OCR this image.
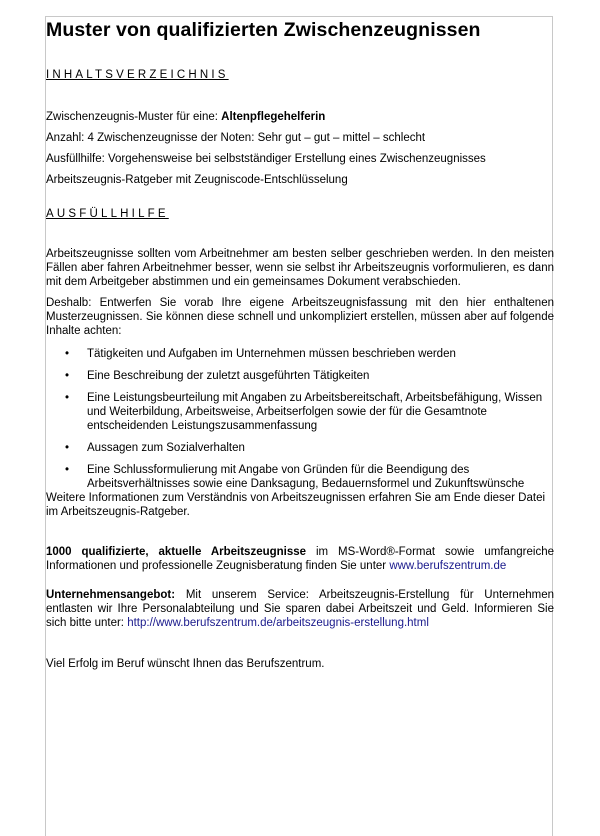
Muster von qualifizierten Zwischenzeugnissen

INHALTSVERZEICHNIS

Zwischenzeugnis-Muster für eine: Altenpflegehelferin

Anzahl: 4 Zwischenzeugnisse der Noten: Sehr gut – gut – mittel – schlecht

Ausfüllhilfe: Vorgehensweise bei selbstständiger Erstellung eines Zwischenzeugnisses

Arbeitszeugnis-Ratgeber mit Zeugniscode-Entschlüsselung

AUSFÜLLHILFE

Arbeitszeugnisse sollten vom Arbeitnehmer am besten selber geschrieben werden. In den meisten Fällen aber fahren Arbeitnehmer besser, wenn sie selbst ihr Arbeitszeugnis vorformulieren, es dann mit dem Arbeitgeber abstimmen und ein gemeinsames Dokument verabschieden.

Deshalb: Entwerfen Sie vorab Ihre eigene Arbeitszeugnisfassung mit den hier enthaltenen Musterzeugnissen. Sie können diese schnell und unkompliziert erstellen, müssen aber auf folgende Inhalte achten:

• Tätigkeiten und Aufgaben im Unternehmen müssen beschrieben werden
• Eine Beschreibung der zuletzt ausgeführten Tätigkeiten
• Eine Leistungsbeurteilung mit Angaben zu Arbeitsbereitschaft, Arbeitsbefähigung, Wissen und Weiterbildung, Arbeitsweise, Arbeitserfolgen sowie der für die Gesamtnote entscheidenden Leistungszusammenfassung
• Aussagen zum Sozialverhalten
• Eine Schlussformulierung mit Angabe von Gründen für die Beendigung des Arbeitsverhältnisses sowie eine Danksagung, Bedauernsformel und Zukunftswünsche

Weitere Informationen zum Verständnis von Arbeitszeugnissen erfahren Sie am Ende dieser Datei im Arbeitszeugnis-Ratgeber.

1000 qualifizierte, aktuelle Arbeitszeugnisse im MS-Word®-Format sowie umfangreiche Informationen und professionelle Zeugnisberatung finden Sie unter www.berufszentrum.de

Unternehmensangebot: Mit unserem Service: Arbeitszeugnis-Erstellung für Unternehmen entlasten wir Ihre Personalabteilung und Sie sparen dabei Arbeitszeit und Geld. Informieren Sie sich bitte unter: http://www.berufszentrum.de/arbeitszeugnis-erstellung.html

Viel Erfolg im Beruf wünscht Ihnen das Berufszentrum.
